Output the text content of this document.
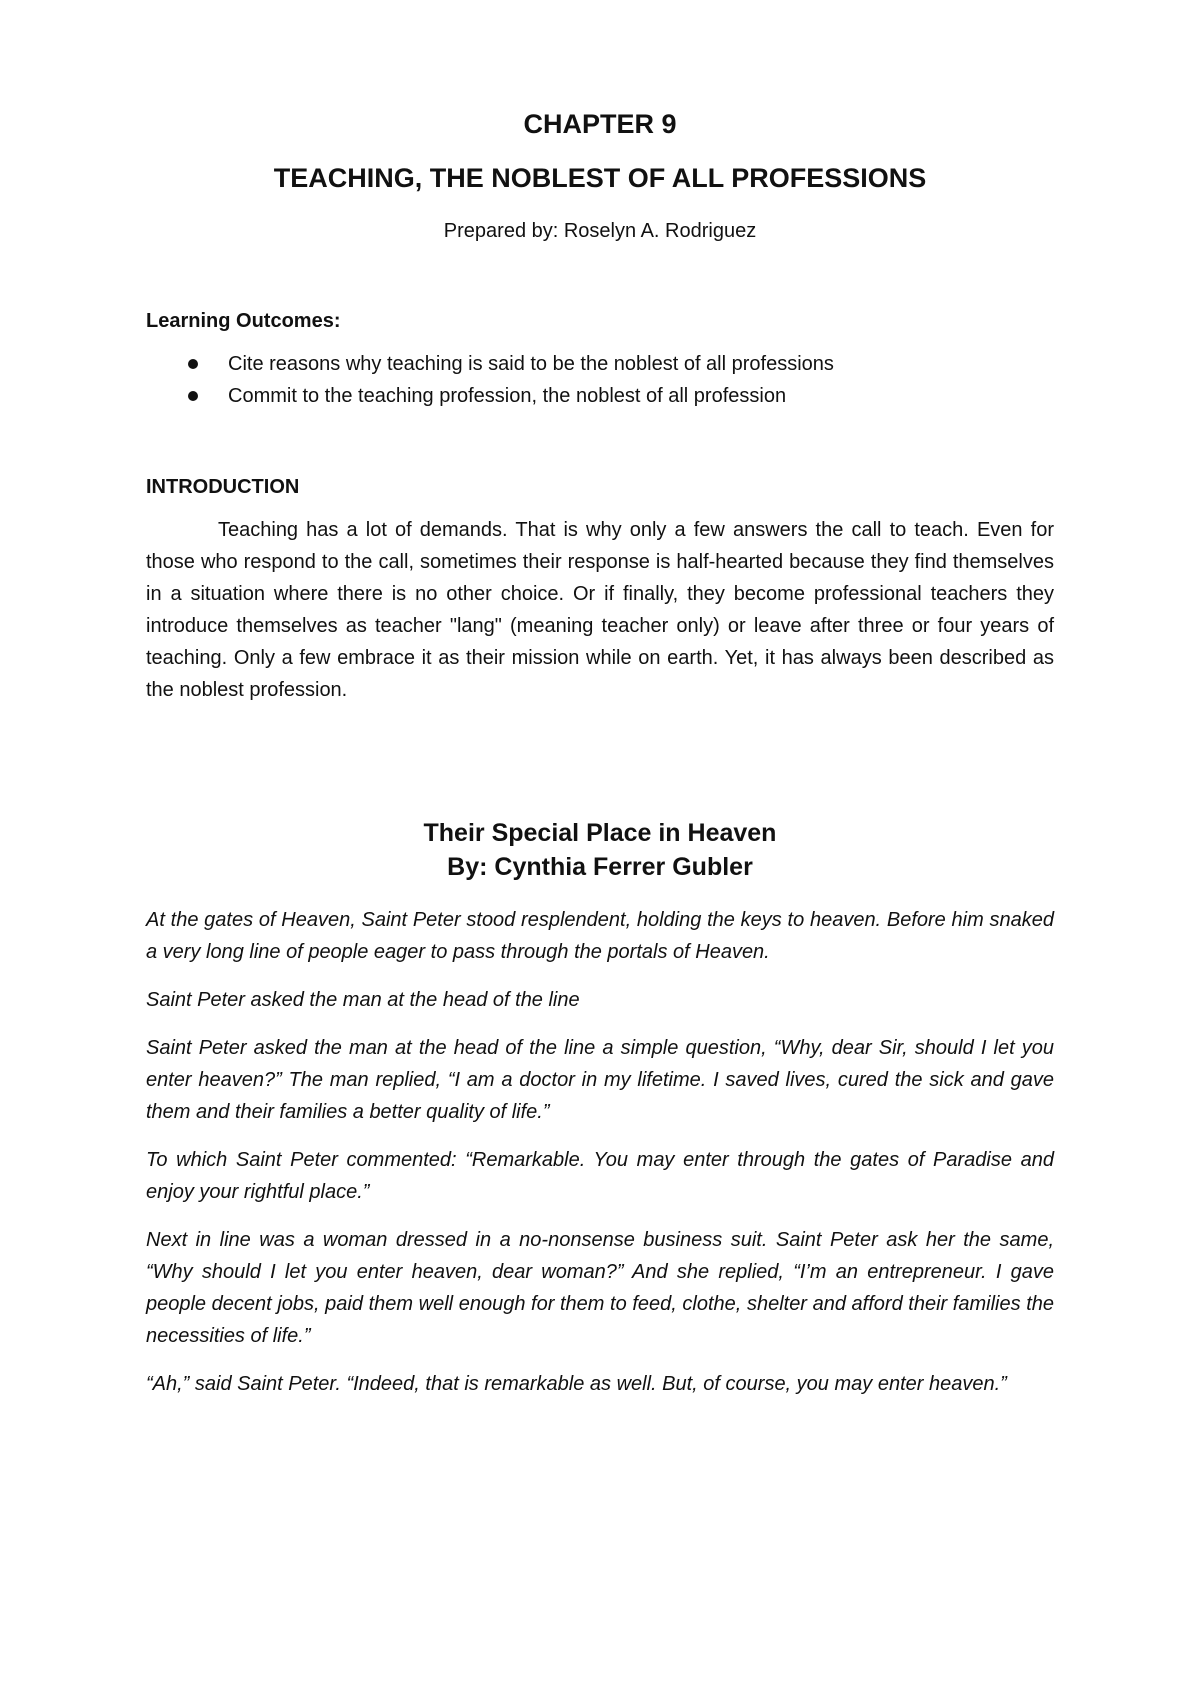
CHAPTER 9
TEACHING, THE NOBLEST OF ALL PROFESSIONS
Prepared by: Roselyn A. Rodriguez
Learning Outcomes:
Cite reasons why teaching is said to be the noblest of all professions
Commit to the teaching profession, the noblest of all profession
INTRODUCTION

Teaching has a lot of demands. That is why only a few answers the call to teach. Even for those who respond to the call, sometimes their response is half-hearted because they find themselves in a situation where there is no other choice. Or if finally, they become professional teachers they introduce themselves as teacher "lang" (meaning teacher only) or leave after three or four years of teaching. Only a few embrace it as their mission while on earth. Yet, it has always been described as the noblest profession.

Their Special Place in Heaven
By: Cynthia Ferrer Gubler

At the gates of Heaven, Saint Peter stood resplendent, holding the keys to heaven. Before him snaked a very long line of people eager to pass through the portals of Heaven.

Saint Peter asked the man at the head of the line

Saint Peter asked the man at the head of the line a simple question, “Why, dear Sir, should I let you enter heaven?” The man replied, “I am a doctor in my lifetime. I saved lives, cured the sick and gave them and their families a better quality of life.”

To which Saint Peter commented: “Remarkable. You may enter through the gates of Paradise and enjoy your rightful place.”

Next in line was a woman dressed in a no-nonsense business suit. Saint Peter ask her the same, “Why should I let you enter heaven, dear woman?” And she replied, “I’m an entrepreneur. I gave people decent jobs, paid them well enough for them to feed, clothe, shelter and afford their families the necessities of life.”

“Ah,” said Saint Peter. “Indeed, that is remarkable as well. But, of course, you may enter heaven.”
